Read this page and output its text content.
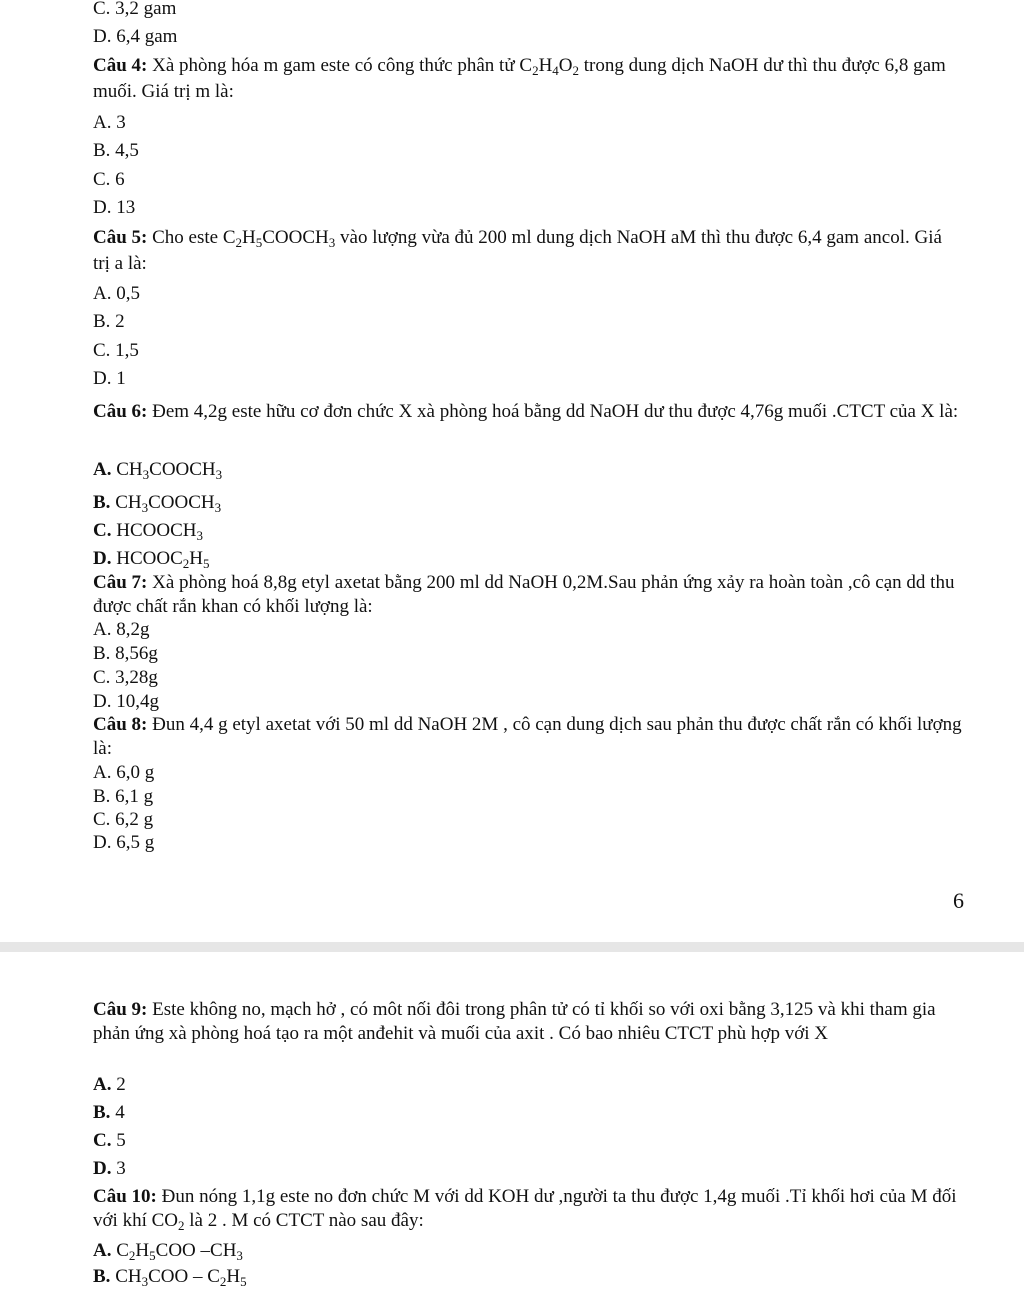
C. 3,2 gam
D. 6,4 gam
Câu 4: Xà phòng hóa m gam este có công thức phân tử $C_2H_4O_2$ trong dung dịch NaOH dư thì thu được 6,8 gam muối. Giá trị m là:
A. 3
B. 4,5
C. 6
D. 13
Câu 5: Cho este $C_2H_5COOCH_3$ vào lượng vừa đủ 200 ml dung dịch NaOH aM thì thu được 6,4 gam ancol. Giá trị a là:
A. 0,5
B. 2
C. 1,5
D. 1
Câu 6: Đem 4,2g este hữu cơ đơn chức X xà phòng hoá bằng dd NaOH dư thu được 4,76g muối .CTCT của X là:
A. $CH_3COOCH_3$
B. $CH_3COOCH_3$
C. $HCOOCH_3$
D. $HCOOC_2H_5$
Câu 7: Xà phòng hoá 8,8g etyl axetat bằng 200 ml dd NaOH 0,2M.Sau phản ứng xảy ra hoàn toàn ,cô cạn dd thu được chất rắn khan có khối lượng là:
A. 8,2g
B. 8,56g
C. 3,28g
D. 10,4g
Câu 8: Đun 4,4 g etyl axetat với 50 ml dd NaOH 2M , cô cạn dung dịch sau phản thu được chất rắn có khối lượng là:
A. 6,0 g
B. 6,1 g
C. 6,2 g
D. 6,5 g
6
Câu 9: Este không no, mạch hở , có môt nối đôi trong phân tử có tỉ khối so với oxi bằng 3,125 và khi tham gia phản ứng xà phòng hoá tạo ra một anđehit và muối của axit . Có bao nhiêu CTCT phù hợp với X
A. 2
B. 4
C. 5
D. 3
Câu 10: Đun nóng 1,1g este no đơn chức M với dd KOH dư ,người ta thu được 1,4g muối .Tỉ khối hơi của M đối với khí $CO_2$ là 2 . M có CTCT nào sau đây:
A. $C_2H_5COO$ $-CH_3$
B. $CH_3COO - C_2H_5$
